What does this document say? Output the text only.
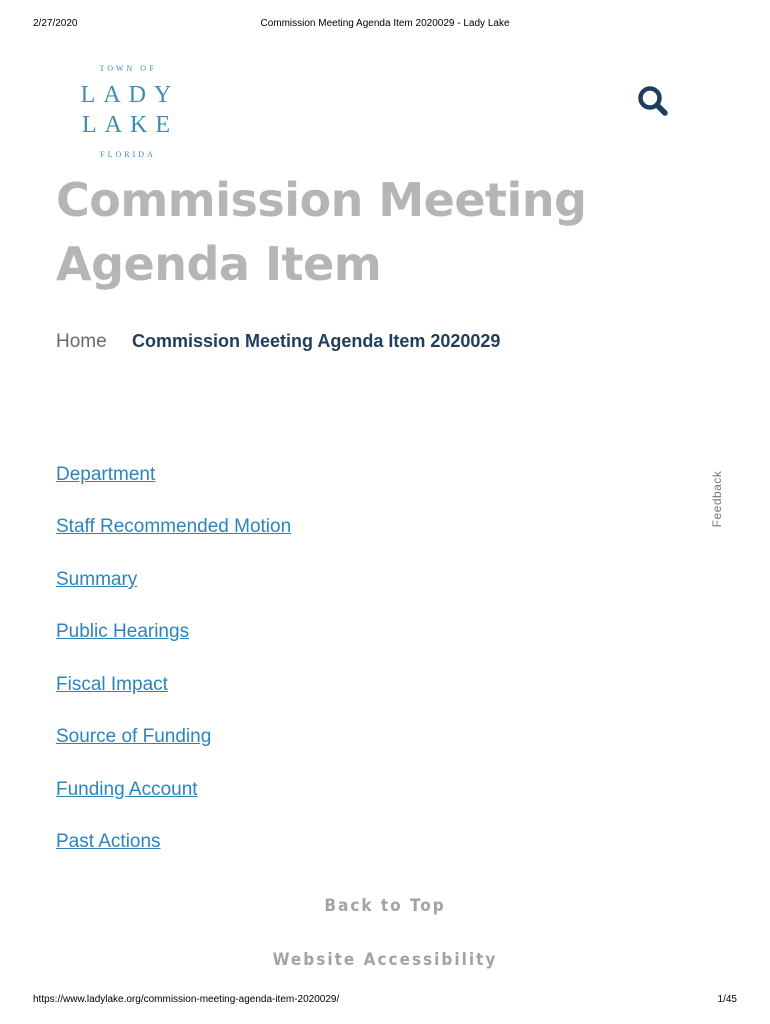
2/27/2020	Commission Meeting Agenda Item 2020029 - Lady Lake
TOWN OF
LADY
LAKE
FLORIDA
Commission Meeting Agenda Item
Home Commission Meeting Agenda Item 2020029
Feedback
Department
Staff Recommended Motion
Summary
Public Hearings
Fiscal Impact
Source of Funding
Funding Account
Past Actions
Back to Top
Website Accessibility
https://www.ladylake.org/commission-meeting-agenda-item-2020029/	1/45
